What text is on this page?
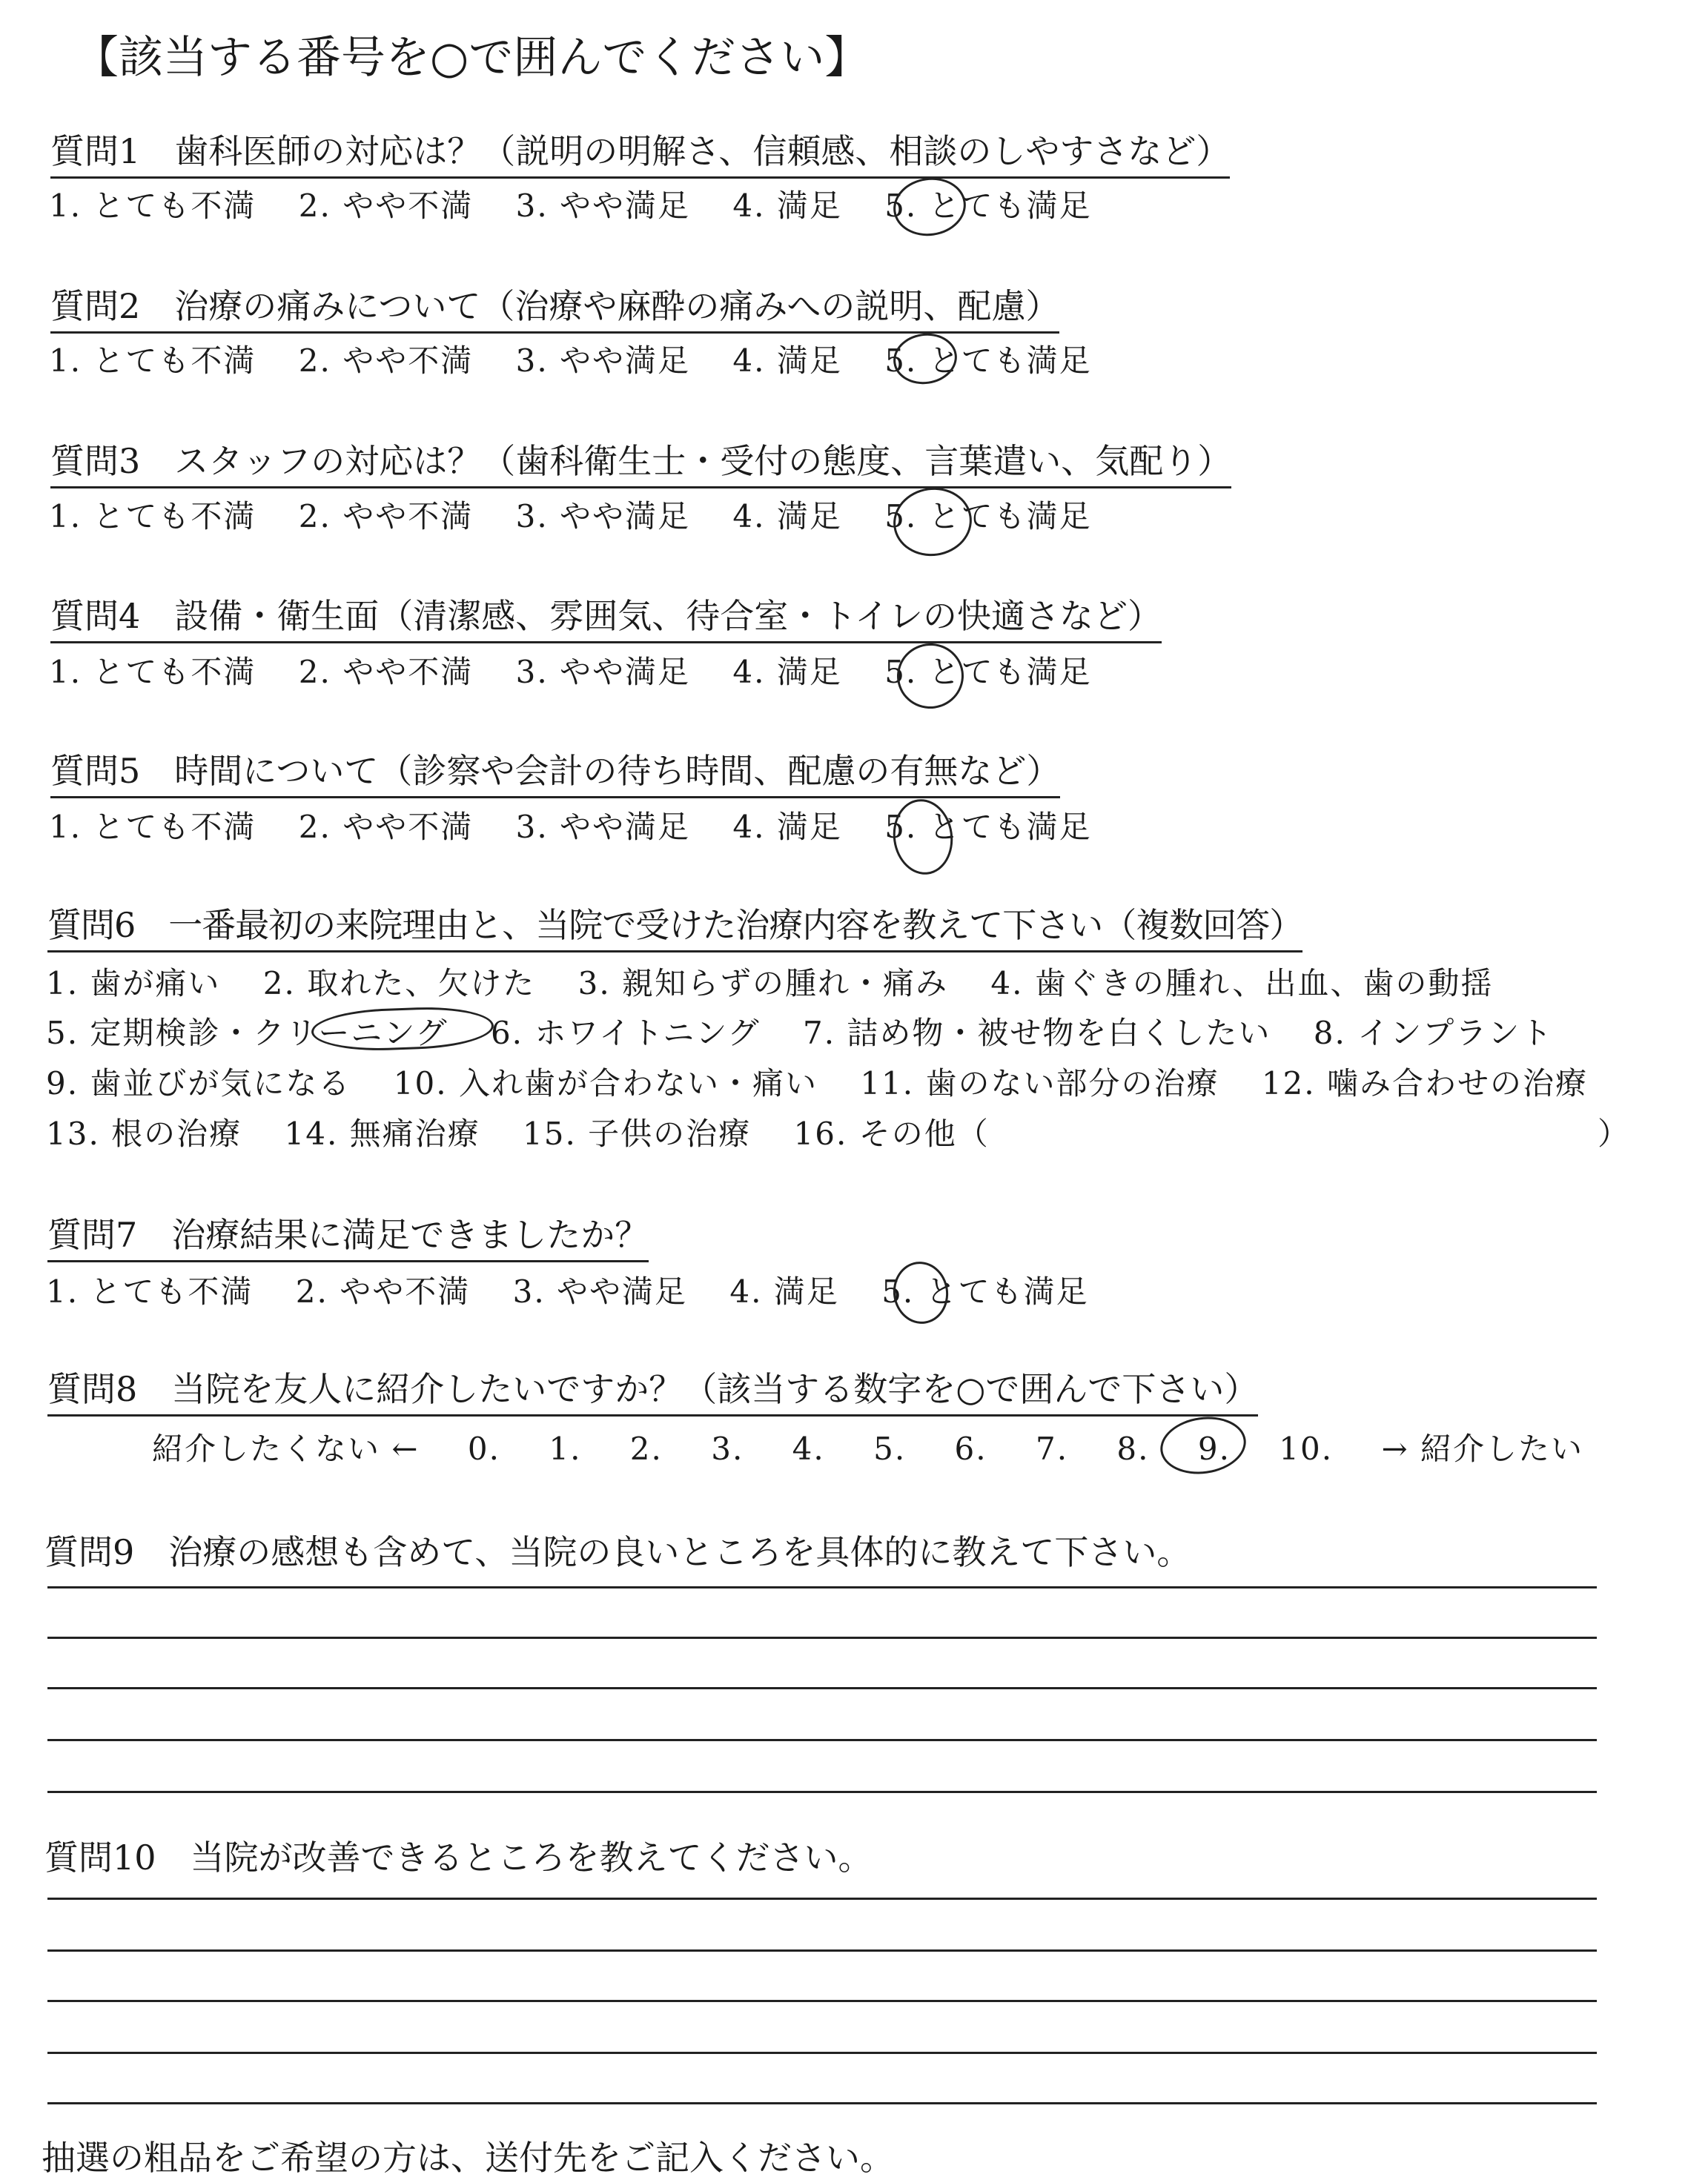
【該当する番号を○で囲んでください】
質問1　歯科医師の対応は？（説明の明解さ、信頼感、相談のしやすさなど）
1. とても不満 2. やや不満 3. やや満足 4. 満足 5. とても満足
質問2　治療の痛みについて（治療や麻酔の痛みへの説明、配慮）
1. とても不満 2. やや不満 3. やや満足 4. 満足 5. とても満足
質問3　スタッフの対応は？（歯科衛生士・受付の態度、言葉遣い、気配り）
1. とても不満 2. やや不満 3. やや満足 4. 満足 5. とても満足
質問4　設備・衛生面（清潔感、雰囲気、待合室・トイレの快適さなど）
1. とても不満 2. やや不満 3. やや満足 4. 満足 5. とても満足
質問5　時間について（診察や会計の待ち時間、配慮の有無など）
1. とても不満 2. やや不満 3. やや満足 4. 満足 5. とても満足
質問6　一番最初の来院理由と、当院で受けた治療内容を教えて下さい（複数回答）
1. 歯が痛い 2. 取れた、欠けた 3. 親知らずの腫れ・痛み 4. 歯ぐきの腫れ、出血、歯の動揺
5. 定期検診・クリーニング 6. ホワイトニング 7. 詰め物・被せ物を白くしたい 8. インプラント
9. 歯並びが気になる 10. 入れ歯が合わない・痛い 11. 歯のない部分の治療 12. 噛み合わせの治療
13. 根の治療 14. 無痛治療 15. 子供の治療 16. その他（	）
質問7　治療結果に満足できましたか？
1. とても不満 2. やや不満 3. やや満足 4. 満足 5. とても満足
質問8　当院を友人に紹介したいですか？（該当する数字を○で囲んで下さい）
紹介したくない ← 0. 1. 2. 3. 4. 5. 6. 7. 8. 9. 10. → 紹介したい
質問9　治療の感想も含めて、当院の良いところを具体的に教えて下さい。
質問10　当院が改善できるところを教えてください。
抽選の粗品をご希望の方は、送付先をご記入ください。
